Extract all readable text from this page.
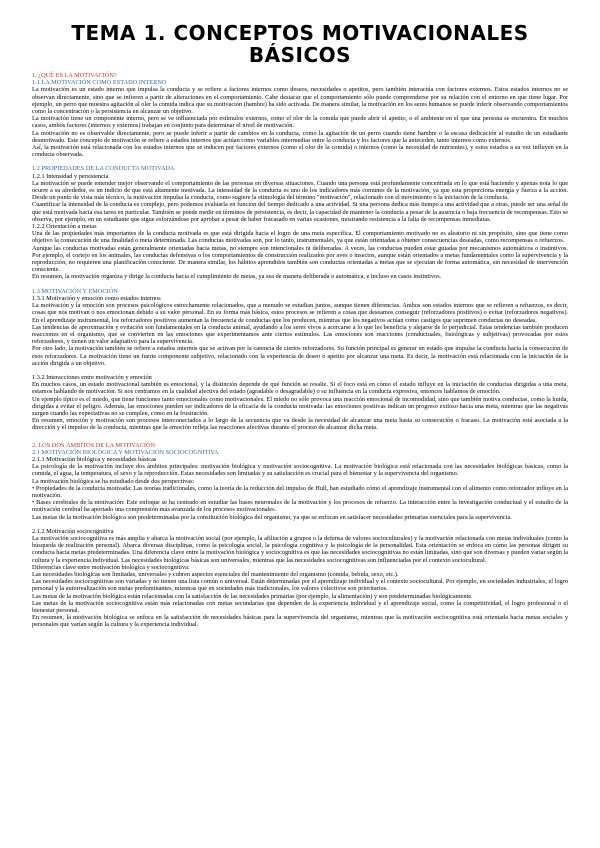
TEMA 1. CONCEPTOS MOTIVACIONALES
BÁSICOS

1. ¿QUÉ ES LA MOTIVACIÓN?

1.1 LA MOTIVACIÓN COMO ESTADO INTERNO

La motivación es un estado interno que impulsa la conducta y se refiere a factores internos como deseos, necesidades o apetitos, pero también interactúa con factores externos. Estos estados internos no se observan directamente, sino que se infieren a partir de alteraciones en el comportamiento. Cabe destacar que el comportamiento sólo puede comprenderse por su relación con el entorno en que tiene lugar. Por ejemplo, un perro que muestra agitación al oler la comida indica que su motivación (hambre) ha sido activada. De manera similar, la motivación en los seres humanos se puede inferir observando comportamientos como la concentración o la persistencia en alcanzar un objetivo.

La motivación tiene un componente interno, pero se ve influenciada por estímulos externos, como el olor de la comida que puede abrir el apetito, o el ambiente en el que una persona se encuentra. En muchos casos, ambos factores (internos y externos) trabajan en conjunto para determinar el nivel de motivación.

La motivación no es observable directamente, pero se puede inferir a partir de cambios en la conducta, como la agitación de un perro cuando tiene hambre o la escasa dedicación al estudio de un estudiante desmotivado. Este concepto de motivación se refiere a estados internos que actúan como variables intermedias entre la conducta y los factores que la anteceden, tanto internos como externos.

Así, la motivación está relacionada con los estados internos que se inducen por factores externos (como el olor de la comida) o internos (como la necesidad de nutrientes), y estos estados a su vez influyen en la conducta observada.

1.2 PROPIEDADES DE LA CONDUCTA MOTIVADA

1.2.1 Intensidad y persistencia

La motivación se puede entender mejor observando el comportamiento de las personas en diversas situaciones. Cuando una persona está profundamente concentrada en lo que está haciendo y apenas nota lo que ocurre a su alrededor, es un indicio de que está altamente motivada. La intensidad de la conducta es uno de los indicadores más comunes de la motivación, ya que esta proporciona energía y fuerza a la acción. Desde un punto de vista más técnico, la motivación impulsa la conducta, como sugiere la etimología del término "motivación", relacionado con el movimiento o la iniciación de la conducta.

Cuantificar la intensidad de la conducta es complejo, pero podemos evaluarla en función del tiempo dedicado a una actividad. Si una persona dedica más tiempo a una actividad que a otras, puede ser una señal de que está motivada hacia esa tarea en particular. También se puede medir en términos de persistencia, es decir, la capacidad de mantener la conducta a pesar de la ausencia o baja frecuencia de recompensas. Esto se observa, por ejemplo, en un estudiante que sigue esforzándose por aprobar a pesar de haber fracasado en varias ocasiones, mostrando resistencia a la falta de recompensas inmediatas.

1.2.2 Orientación a metas

Una de las propiedades más importantes de la conducta motivada es que está dirigida hacia el logro de una meta específica. El comportamiento motivado no es aleatorio ni sin propósito, sino que tiene como objetivo la consecución de una finalidad o meta determinada. Las conductas motivadas son, por lo tanto, instrumentales, ya que están orientadas a obtener consecuencias deseadas, como recompensas o refuerzos.

Aunque las conductas motivadas están generalmente orientadas hacia metas, no siempre son intencionales ni deliberadas. A veces, las conductas pueden estar guiadas por mecanismos automáticos o instintivos. Por ejemplo, el cortejo en los animales, las conductas defensivas o los comportamientos de construcción realizados por aves o insectos, aunque están orientados a metas fundamentales como la supervivencia y la reproducción, no requieren una planificación consciente. De manera similar, los hábitos aprendidos también son conductas orientadas a metas que se ejecutan de forma automática, sin necesidad de intervención consciente.

En resumen, la motivación organiza y dirige la conducta hacia el cumplimiento de metas, ya sea de manera deliberada o automática, e incluso en casos instintivos.

1.3 MOTIVACIÓN Y EMOCIÓN

1.3.1 Motivación y emoción como estados internos

La motivación y la emoción son procesos psicológicos estrechamente relacionados, que a menudo se estudian juntos, aunque tienen diferencias. Ambos son estados internos que se refieren a refuerzos, es decir, cosas que nos motivan o nos emocionan debido a su valor personal. En su forma más básica, estos procesos se refieren a cosas que deseamos conseguir (reforzadores positivos) o evitar (reforzadores negativos). En el aprendizaje instrumental, los reforzadores positivos aumentan la frecuencia de conductas que los producen, mientras que los negativos actúan como castigos que suprimen conductas no deseadas.

Las tendencias de aproximación y evitación son fundamentales en la conducta animal, ayudando a los seres vivos a acercarse a lo que les beneficia y alejarse de lo perjudicial. Estas tendencias también producen reacciones en el organismo, que se convierten en las emociones que experimentamos ante ciertos estímulos. Las emociones son reacciones (conductuales, fisiológicas y subjetivas) provocadas por estos reforzadores, y tienen un valor adaptativo para la supervivencia.

Por otro lado, la motivación también se refiere a estados internos que se activan por la carencia de ciertos reforzadores. Su función principal es generar un estado que impulse la conducta hacia la consecución de esos reforzadores. La motivación tiene un fuerte componente subjetivo, relacionado con la experiencia de deseo o apetito por alcanzar una meta. Es decir, la motivación está relacionada con la iniciación de la acción dirigida a un objetivo.

1.3.2 Interacciones entre motivación y emoción

En muchos casos, un estado motivacional también es emocional, y la distinción depende de qué función se resalte. Si el foco está en cómo el estado influye en la iniciación de conductas dirigidas a una meta, estamos hablando de motivación. Si nos centramos en la cualidad afectiva del estado (agradable o desagradable) o su influencia en la conducta expresiva, entonces hablamos de emoción.

Un ejemplo típico es el miedo, que tiene funciones tanto emocionales como motivacionales. El miedo no sólo provoca una reacción emocional de incomodidad, sino que también motiva conductas, como la huida, dirigidas a evitar el peligro. Además, las emociones pueden ser indicadores de la eficacia de la conducta motivada: las emociones positivas indican un progreso exitoso hacia una meta, mientras que las negativas surgen cuando las expectativas no se cumplen, como en la frustración.

En resumen, emoción y motivación son procesos interconectados a lo largo de la secuencia que va desde la necesidad de alcanzar una meta hasta su consecución o fracaso. La motivación está asociada a la dirección y el impulso de la conducta, mientras que la emoción refleja las reacciones afectivas durante el proceso de alcanzar dicha meta.

2. LOS DOS ÁMBITOS DE LA MOTIVACIÓN

2.1 MOTIVACIÓN BIOLÓGICA Y MOTIVACIÓN SOCIOCOGNITIVA

2.1.1 Motivación biológica y necesidades básicas

La psicología de la motivación incluye dos ámbitos principales: motivación biológica y motivación sociocognitiva. La motivación biológica está relacionada con las necesidades biológicas básicas, como la comida, el agua, la temperatura, el sexo y la reproducción. Estas necesidades son limitadas y su satisfacción es crucial para el bienestar y la supervivencia del organismo.

La motivación biológica se ha estudiado desde dos perspectivas:

• Propiedades de la conducta motivada: Las teorías tradicionales, como la teoría de la reducción del impulso de Hull, han estudiado cómo el aprendizaje instrumental con el alimento como reforzador influye en la motivación.

• Bases cerebrales de la motivación: Este enfoque se ha centrado en estudiar las bases neuronales de la motivación y los procesos de refuerzo. La interacción entre la investigación conductual y el estudio de la motivación cerebral ha aportado una comprensión más avanzada de los procesos motivacionales.

Las metas de la motivación biológica son predeterminadas por la constitución biológica del organismo, ya que se enfocan en satisfacer necesidades primarias esenciales para la supervivencia.

2.1.2 Motivación sociocognitiva

La motivación sociocognitiva es más amplia y abarca la motivación social (por ejemplo, la afiliación a grupos o la defensa de valores socioculturales) y la motivación relacionada con metas individuales (como la búsqueda de realización personal). Abarca diversas disciplinas, como la psicología social, la psicología cognitiva y la psicología de la personalidad. Esta orientación se enfoca en cómo las personas dirigen su conducta hacia metas predeterminadas. Una diferencia clave entre la motivación biológica y sociocognitiva es que las necesidades sociocognitivas no están limitadas, sino que son diversas y pueden variar según la cultura y la experiencia individual. Las necesidades biológicas básicas son universales, mientras que las necesidades sociocognitivas son influenciadas por el contexto sociocultural.

Diferencias clave entre motivación biológica y sociocognitiva:

Las necesidades biológicas son limitadas, universales y cubren aspectos esenciales del mantenimiento del organismo (comida, bebida, sexo, etc.).

Las necesidades sociocognitivas son variadas y no tienen una lista común o universal. Están determinadas por el aprendizaje individual y el contexto sociocultural. Por ejemplo, en sociedades industriales, el logro personal y la autorrealización son metas predominantes, mientras que en sociedades más tradicionales, los valores colectivos son prioritarios.

Las metas de la motivación biológica están relacionadas con la satisfacción de las necesidades primarias (por ejemplo, la alimentación) y son predeterminadas biológicamente.

Las metas de la motivación sociocognitiva están más relacionadas con metas secundarias que dependen de la experiencia individual y el aprendizaje social, como la competitividad, el logro profesional o el bienestar personal.

En resumen, la motivación biológica se enfoca en la satisfacción de necesidades básicas para la supervivencia del organismo, mientras que la motivación sociocognitiva está orientada hacia metas sociales y personales que varían según la cultura y la experiencia individual.
